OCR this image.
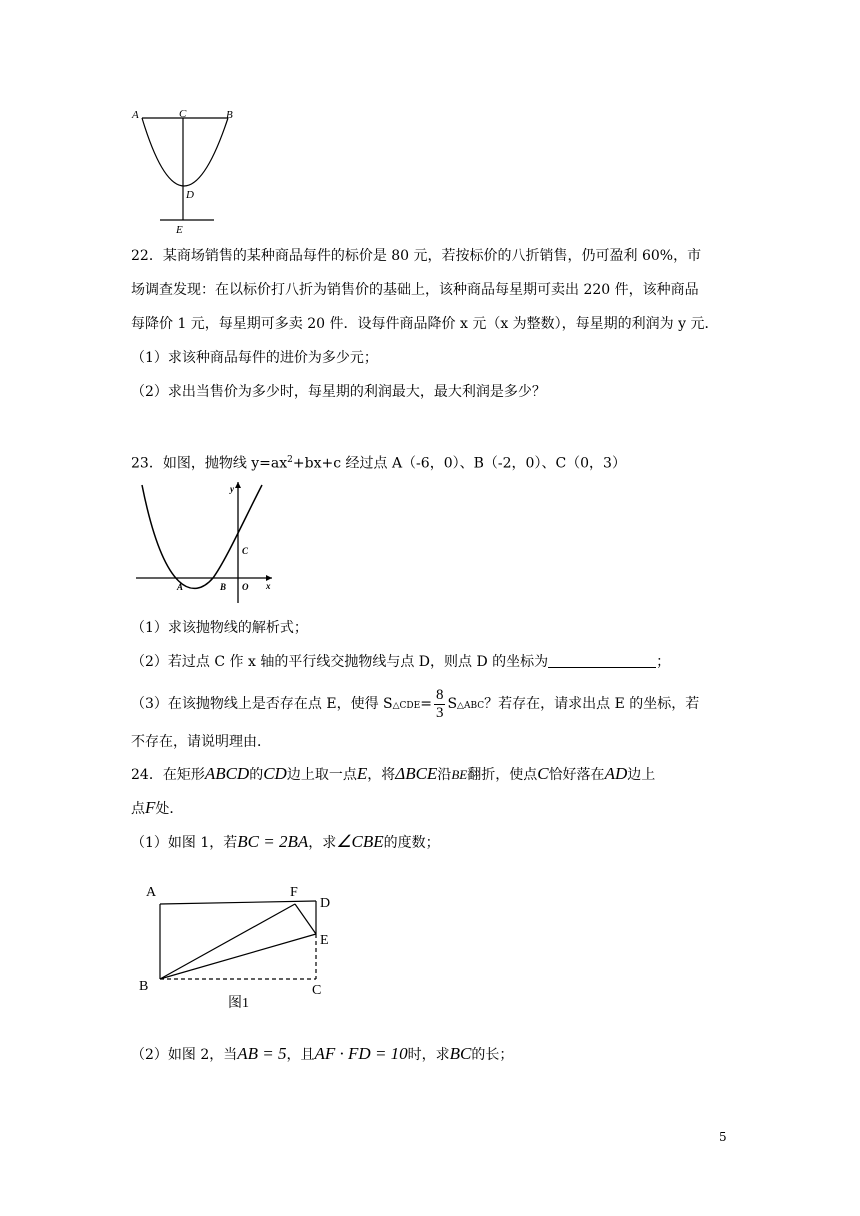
A	C	B
D
E
22．某商场销售的某种商品每件的标价是 80 元，若按标价的八折销售，仍可盈利 60%，市
场调查发现：在以标价打八折为销售价的基础上，该种商品每星期可卖出 220 件，该种商品
每降价 1 元，每星期可多卖 20 件．设每件商品降价 x 元（x 为整数），每星期的利润为 y 元．
（1）求该种商品每件的进价为多少元；
（2）求出当售价为多少时，每星期的利润最大，最大利润是多少？
23．如图，抛物线 $y=ax^2+bx+c$ 经过点 A（-6，0）、B（-2，0）、C（0，3）
y
x
A	B O
C
（1）求该抛物线的解析式；
（2）若过点 C 作 x 轴的平行线交抛物线与点 D，则点 D 的坐标为	；
（3）在该抛物线上是否存在点 E，使得 S△CDE= $\frac{8}{3}$ S△ABC？若存在，请求出点 E 的坐标，若
不存在，请说明理由．
24．在矩形ABCD的CD边上取一点E，将ΔBCE沿BE翻折，使点C恰好落在AD边上
点F处．
（1）如图 1，若BC = 2BA，求∠CBE的度数；
A	F
D
E
B	C
图1
（2）如图 2，当AB = 5，且AF · FD = 10时，求BC的长；
5
